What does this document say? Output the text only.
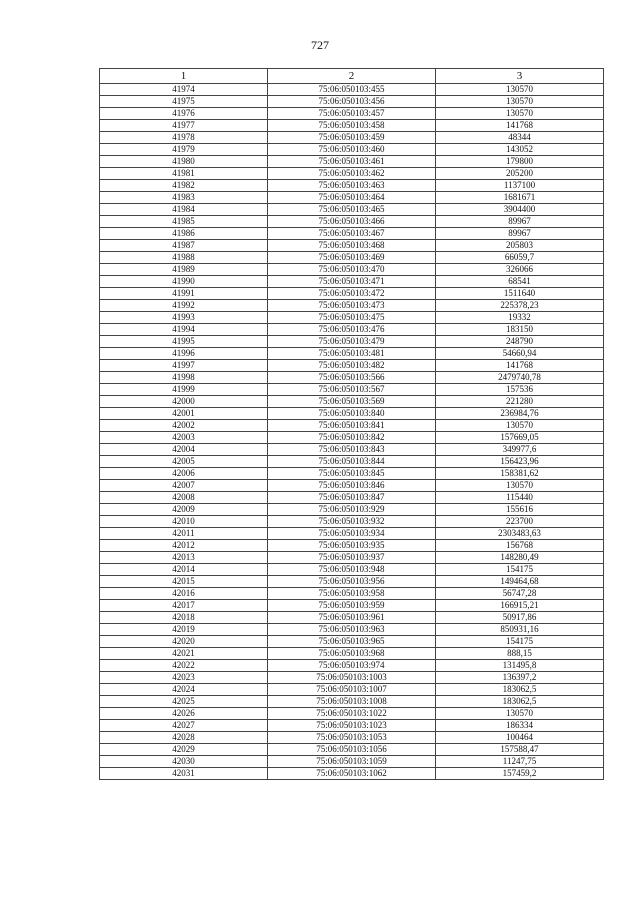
727
1	2	3
41974	75:06:050103:455	130570
41975	75:06:050103:456	130570
41976	75:06:050103:457	130570
41977	75:06:050103:458	141768
41978	75:06:050103:459	48344
41979	75:06:050103:460	143052
41980	75:06:050103:461	179800
41981	75:06:050103:462	205200
41982	75:06:050103:463	1137100
41983	75:06:050103:464	1681671
41984	75:06:050103:465	3904400
41985	75:06:050103:466	89967
41986	75:06:050103:467	89967
41987	75:06:050103:468	205803
41988	75:06:050103:469	66059,7
41989	75:06:050103:470	326066
41990	75:06:050103:471	68541
41991	75:06:050103:472	1511640
41992	75:06:050103:473	225378,23
41993	75:06:050103:475	19332
41994	75:06:050103:476	183150
41995	75:06:050103:479	248790
41996	75:06:050103:481	54660,94
41997	75:06:050103:482	141768
41998	75:06:050103:566	2479740,78
41999	75:06:050103:567	157536
42000	75:06:050103:569	221280
42001	75:06:050103:840	236984,76
42002	75:06:050103:841	130570
42003	75:06:050103:842	157669,05
42004	75:06:050103:843	349977,6
42005	75:06:050103:844	156423,96
42006	75:06:050103:845	158381,62
42007	75:06:050103:846	130570
42008	75:06:050103:847	115440
42009	75:06:050103:929	155616
42010	75:06:050103:932	223700
42011	75:06:050103:934	2303483,63
42012	75:06:050103:935	156768
42013	75:06:050103:937	148280,49
42014	75:06:050103:948	154175
42015	75:06:050103:956	149464,68
42016	75:06:050103:958	56747,28
42017	75:06:050103:959	166915,21
42018	75:06:050103:961	50917,86
42019	75:06:050103:963	850931,16
42020	75:06:050103:965	154175
42021	75:06:050103:968	888,15
42022	75:06:050103:974	131495,8
42023	75:06:050103:1003	136397,2
42024	75:06:050103:1007	183062,5
42025	75:06:050103:1008	183062,5
42026	75:06:050103:1022	130570
42027	75:06:050103:1023	186334
42028	75:06:050103:1053	100464
42029	75:06:050103:1056	157588,47
42030	75:06:050103:1059	11247,75
42031	75:06:050103:1062	157459,2
